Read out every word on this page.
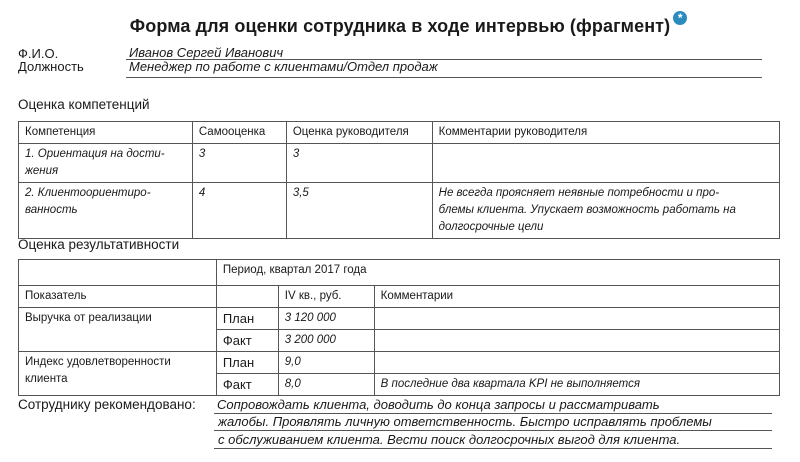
Форма для оценки сотрудника в ходе интервью (фрагмент) *
Ф.И.О.	Иванов Сергей Иванович
Должность	Менеджер по работе с клиентами/Отдел продаж
Оценка компетенций
Компетенция	Самооценка	Оценка руководителя	Комментарии руководителя
1. Ориентация на дости-
жения	3	3	
2. Клиентоориентиро-
ванность	4	3,5	Не всегда проясняет неявные потребности и про-
блемы клиента. Упускает возможность работать на
долгосрочные цели
Оценка результативности
	Период, квартал 2017 года		
Показатель		IV кв., руб.	Комментарии
Выручка от реализации	План	3 120 000	
	Факт	3 200 000	
Индекс удовлетворенности
клиента	План	9,0	
	Факт	8,0	В последние два квартала KPI не выполняется
Сотруднику рекомендовано: Сопровождать клиента, доводить до конца запросы и рассматривать
жалобы. Проявлять личную ответственность. Быстро исправлять проблемы
с обслуживанием клиента. Вести поиск долгосрочных выгод для клиента.
